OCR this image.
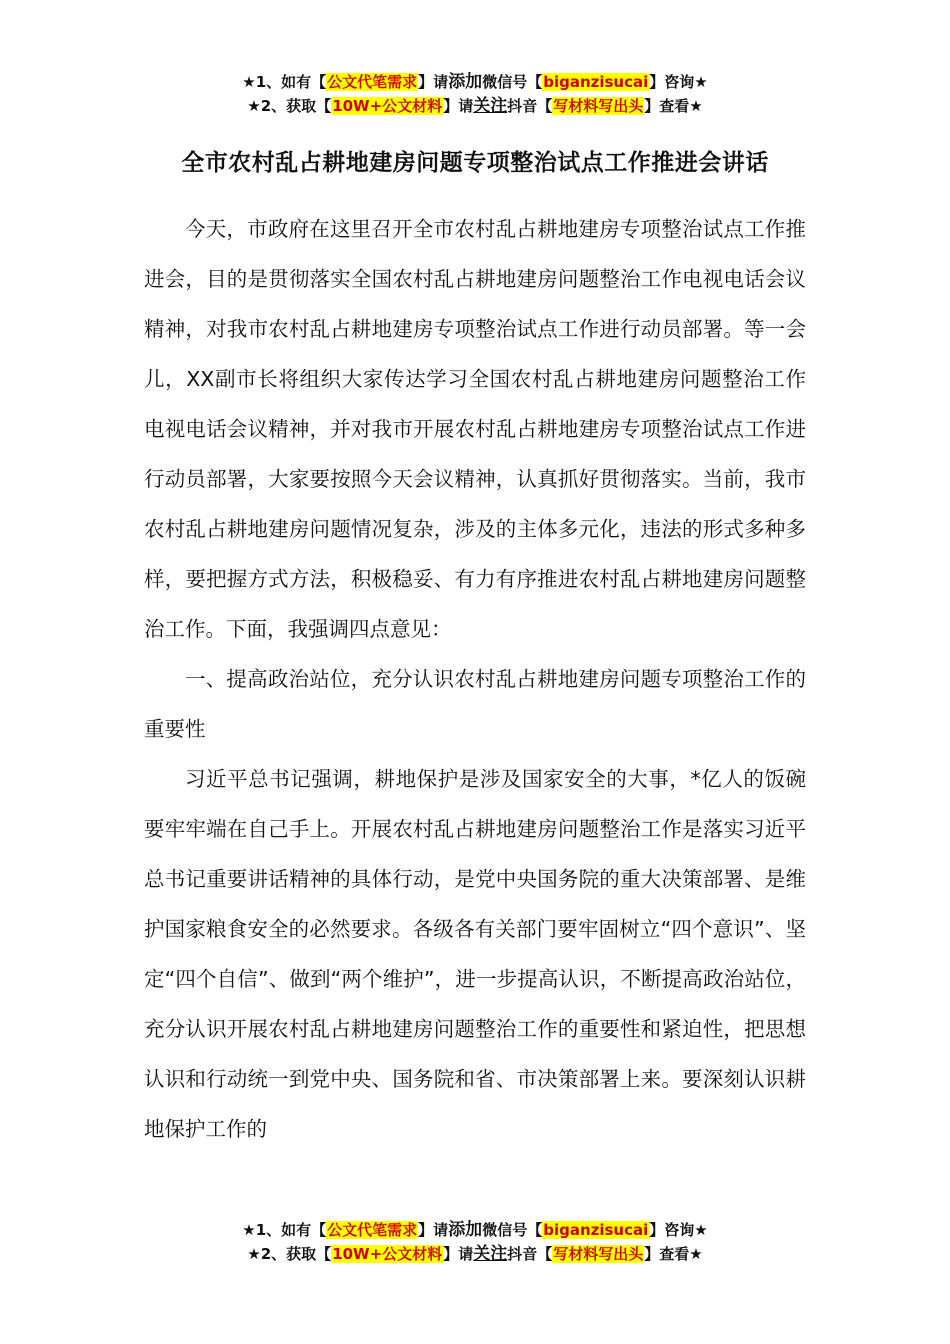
★1、如有【公文代笔需求】请添加微信号【biganzisucai】咨询★
★2、获取【10W+公文材料】请关注抖音【写材料写出头】查看★
全市农村乱占耕地建房问题专项整治试点工作推进会讲话

今天，市政府在这里召开全市农村乱占耕地建房专项整治试点工作推进会，目的是贯彻落实全国农村乱占耕地建房问题整治工作电视电话会议精神，对我市农村乱占耕地建房专项整治试点工作进行动员部署。等一会儿，XX副市长将组织大家传达学习全国农村乱占耕地建房问题整治工作电视电话会议精神，并对我市开展农村乱占耕地建房专项整治试点工作进行动员部署，大家要按照今天会议精神，认真抓好贯彻落实。当前，我市农村乱占耕地建房问题情况复杂，涉及的主体多元化，违法的形式多种多样，要把握方式方法，积极稳妥、有力有序推进农村乱占耕地建房问题整治工作。下面，我强调四点意见：

一、提高政治站位，充分认识农村乱占耕地建房问题专项整治工作的重要性

习近平总书记强调，耕地保护是涉及国家安全的大事，*亿人的饭碗要牢牢端在自己手上。开展农村乱占耕地建房问题整治工作是落实习近平总书记重要讲话精神的具体行动，是党中央国务院的重大决策部署、是维护国家粮食安全的必然要求。各级各有关部门要牢固树立“四个意识”、坚定“四个自信”、做到“两个维护”，进一步提高认识，不断提高政治站位，充分认识开展农村乱占耕地建房问题整治工作的重要性和紧迫性，把思想认识和行动统一到党中央、国务院和省、市决策部署上来。要深刻认识耕地保护工作的

★1、如有【公文代笔需求】请添加微信号【biganzisucai】咨询★
★2、获取【10W+公文材料】请关注抖音【写材料写出头】查看★
